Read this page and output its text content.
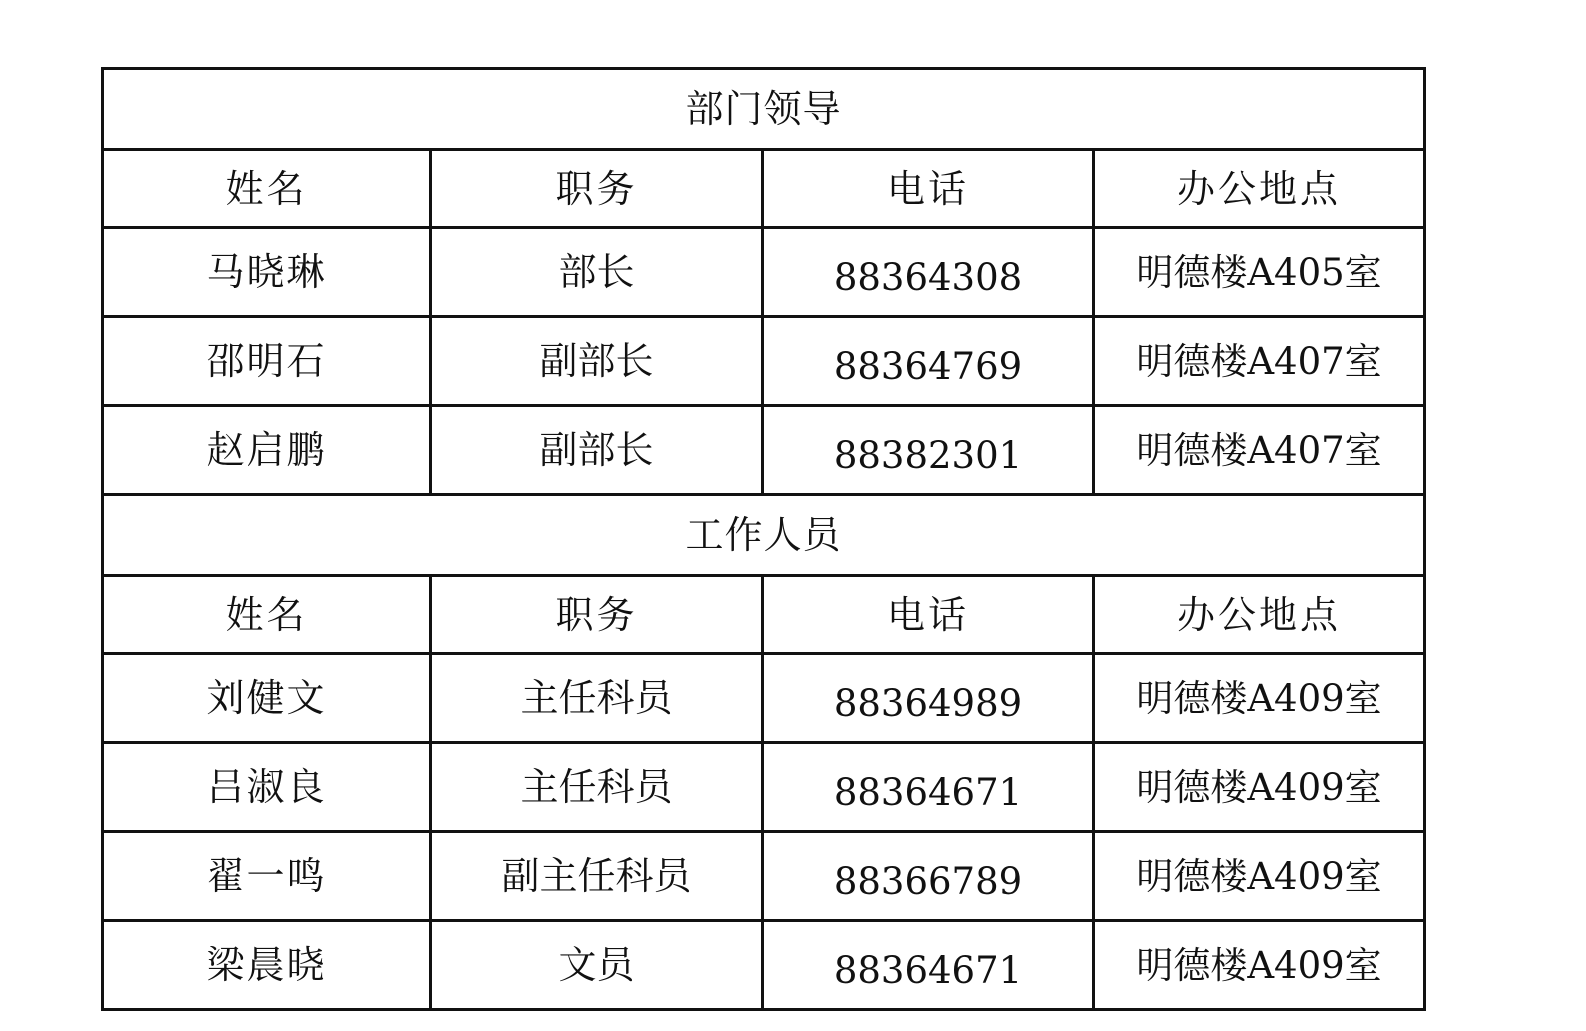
部门领导			
姓名	职务	电话	办公地点
马晓琳	部长	88364308	明德楼A405室
邵明石	副部长	88364769	明德楼A407室
赵启鹏	副部长	88382301	明德楼A407室
工作人员			
姓名	职务	电话	办公地点
刘健文	主任科员	88364989	明德楼A409室
吕淑良	主任科员	88364671	明德楼A409室
翟一鸣	副主任科员	88366789	明德楼A409室
梁晨晓	文员	88364671	明德楼A409室
